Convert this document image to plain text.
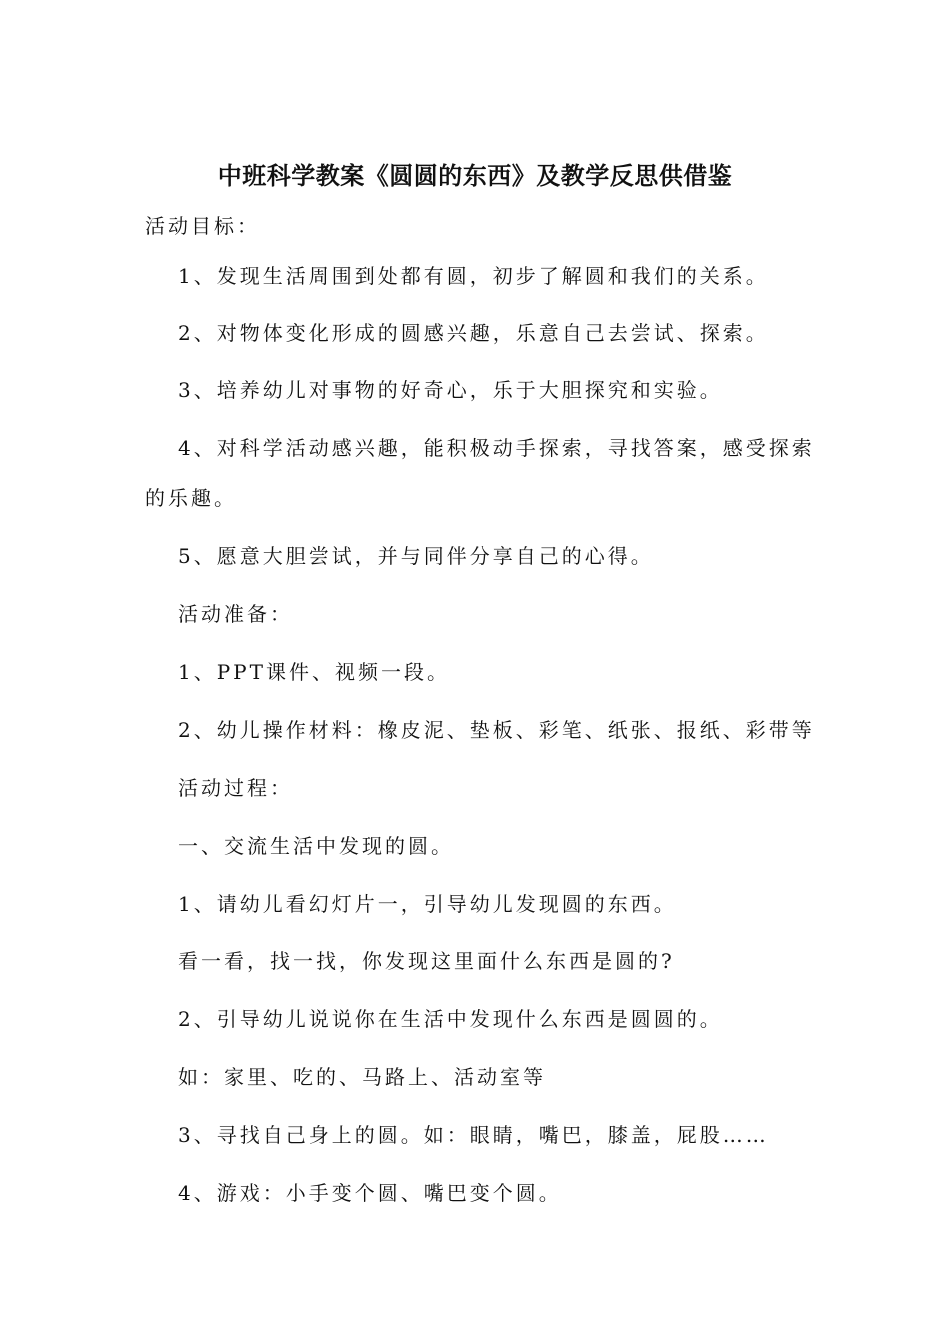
中班科学教案《圆圆的东西》及教学反思供借鉴
活动目标：
1、发现生活周围到处都有圆，初步了解圆和我们的关系。
2、对物体变化形成的圆感兴趣，乐意自己去尝试、探索。
3、培养幼儿对事物的好奇心，乐于大胆探究和实验。
4、对科学活动感兴趣，能积极动手探索，寻找答案，感受探索
的乐趣。
5、愿意大胆尝试，并与同伴分享自己的心得。
活动准备：
1、PPT课件、视频一段。
2、幼儿操作材料：橡皮泥、垫板、彩笔、纸张、报纸、彩带等
活动过程：
一、交流生活中发现的圆。
1、请幼儿看幻灯片一，引导幼儿发现圆的东西。
看一看，找一找，你发现这里面什么东西是圆的?
2、引导幼儿说说你在生活中发现什么东西是圆圆的。
如：家里、吃的、马路上、活动室等
3、寻找自己身上的圆。如：眼睛，嘴巴，膝盖，屁股……
4、游戏：小手变个圆、嘴巴变个圆。
